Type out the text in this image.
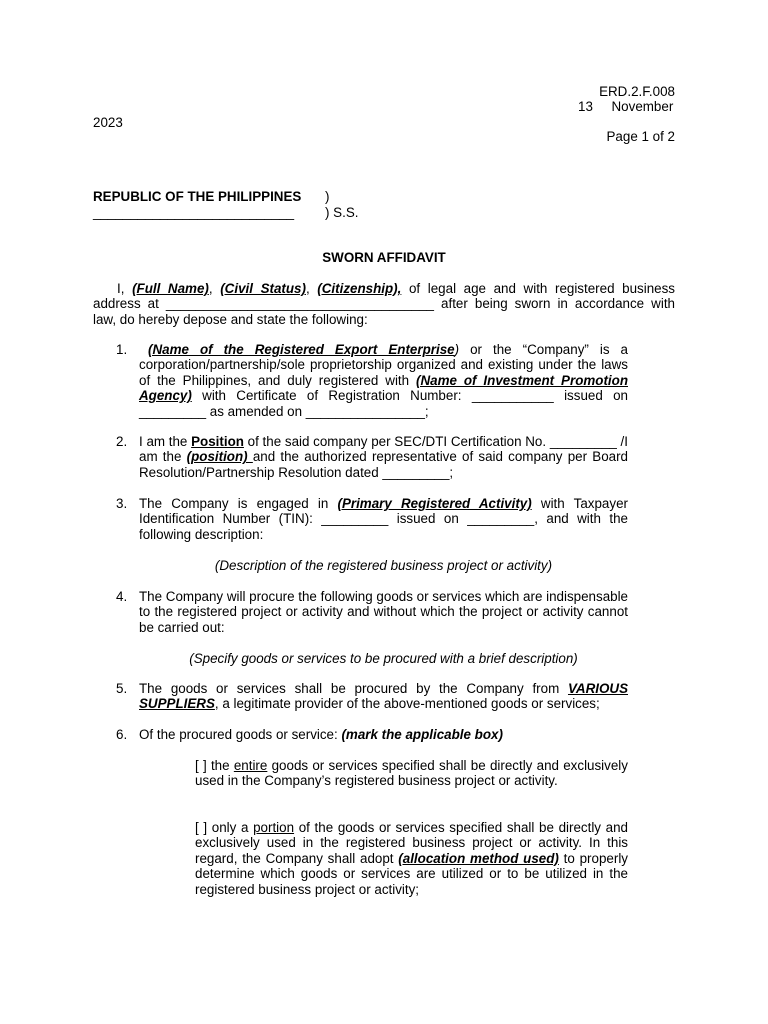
ERD.2.F.008
13 November
2023
Page 1 of 2
REPUBLIC OF THE PHILIPPINES )
___________________________ ) S.S.
SWORN AFFIDAVIT
I, (Full Name), (Civil Status), (Citizenship), of legal age and with registered business address at ____________________________________ after being sworn in accordance with law, do hereby depose and state the following:
1.	(Name of the Registered Export Enterprise) or the “Company” is a corporation/partnership/sole proprietorship organized and existing under the laws of the Philippines, and duly registered with (Name of Investment Promotion Agency) with Certificate of Registration Number: ___________ issued on _________ as amended on ________________;
2. I am the Position of the said company per SEC/DTI Certification No. _________ /I am the (position) and the authorized representative of said company per Board Resolution/Partnership Resolution dated _________;
3. The Company is engaged in (Primary Registered Activity) with Taxpayer Identification Number (TIN): _________ issued on _________, and with the following description:
(Description of the registered business project or activity)
4. The Company will procure the following goods or services which are indispensable to the registered project or activity and without which the project or activity cannot be carried out:
(Specify goods or services to be procured with a brief description)
5. The goods or services shall be procured by the Company from VARIOUS SUPPLIERS, a legitimate provider of the above-mentioned goods or services;
6. Of the procured goods or service: (mark the applicable box)
[ ] the entire goods or services specified shall be directly and exclusively used in the Company’s registered business project or activity.
[ ] only a portion of the goods or services specified shall be directly and exclusively used in the registered business project or activity. In this regard, the Company shall adopt (allocation method used) to properly determine which goods or services are utilized or to be utilized in the registered business project or activity;
